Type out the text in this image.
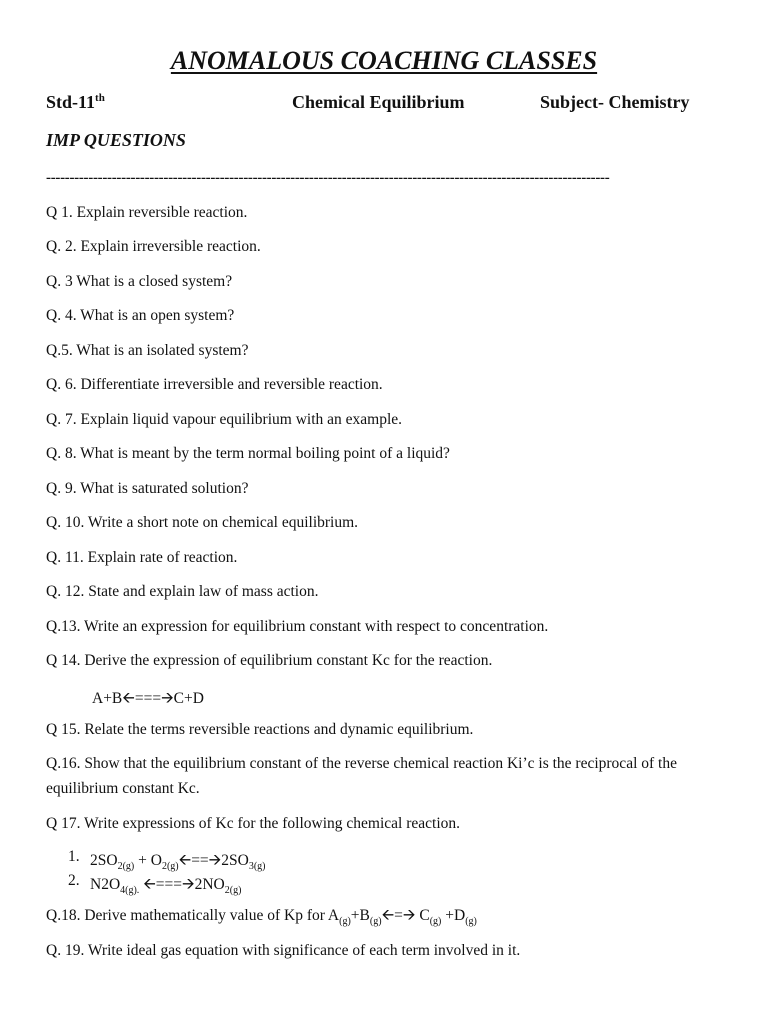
ANOMALOUS COACHING CLASSES
Std-11th	Chemical Equilibrium	Subject- Chemistry
IMP QUESTIONS
------------------------------------------------------------------------------------------------------------------------
Q 1. Explain reversible reaction.
Q. 2. Explain irreversible reaction.
Q. 3 What is a closed system?
Q. 4. What is an open system?
Q.5. What is an isolated system?
Q. 6. Differentiate irreversible and reversible reaction.
Q. 7. Explain liquid vapour equilibrium with an example.
Q. 8. What is meant by the term normal boiling point of a liquid?
Q. 9. What is saturated solution?
Q. 10. Write a short note on chemical equilibrium.
Q. 11. Explain rate of reaction.
Q. 12. State and explain law of mass action.
Q.13. Write an expression for equilibrium constant with respect to concentration.
Q 14. Derive the expression of equilibrium constant Kc for the reaction.
A+B🡨===🡪C+D
Q 15. Relate the terms reversible reactions and dynamic equilibrium.
Q.16. Show that the equilibrium constant of the reverse chemical reaction Ki’c is the reciprocal of the equilibrium constant Kc.
Q 17. Write expressions of Kc for the following chemical reaction.
1. $2SO_{2(g)}$ + $O_{2(g)}🡨==🡪2SO_{3(g)}$
2. $N2O_{4(g).}$ $🡨===🡪2NO_{2(g)}$
Q.18. Derive mathematically value of Kp for $A_{(g)}+B_{(g)}🡨=🡪$ $C_{(g)} +D_{(g)}$
Q. 19. Write ideal gas equation with significance of each term involved in it.
